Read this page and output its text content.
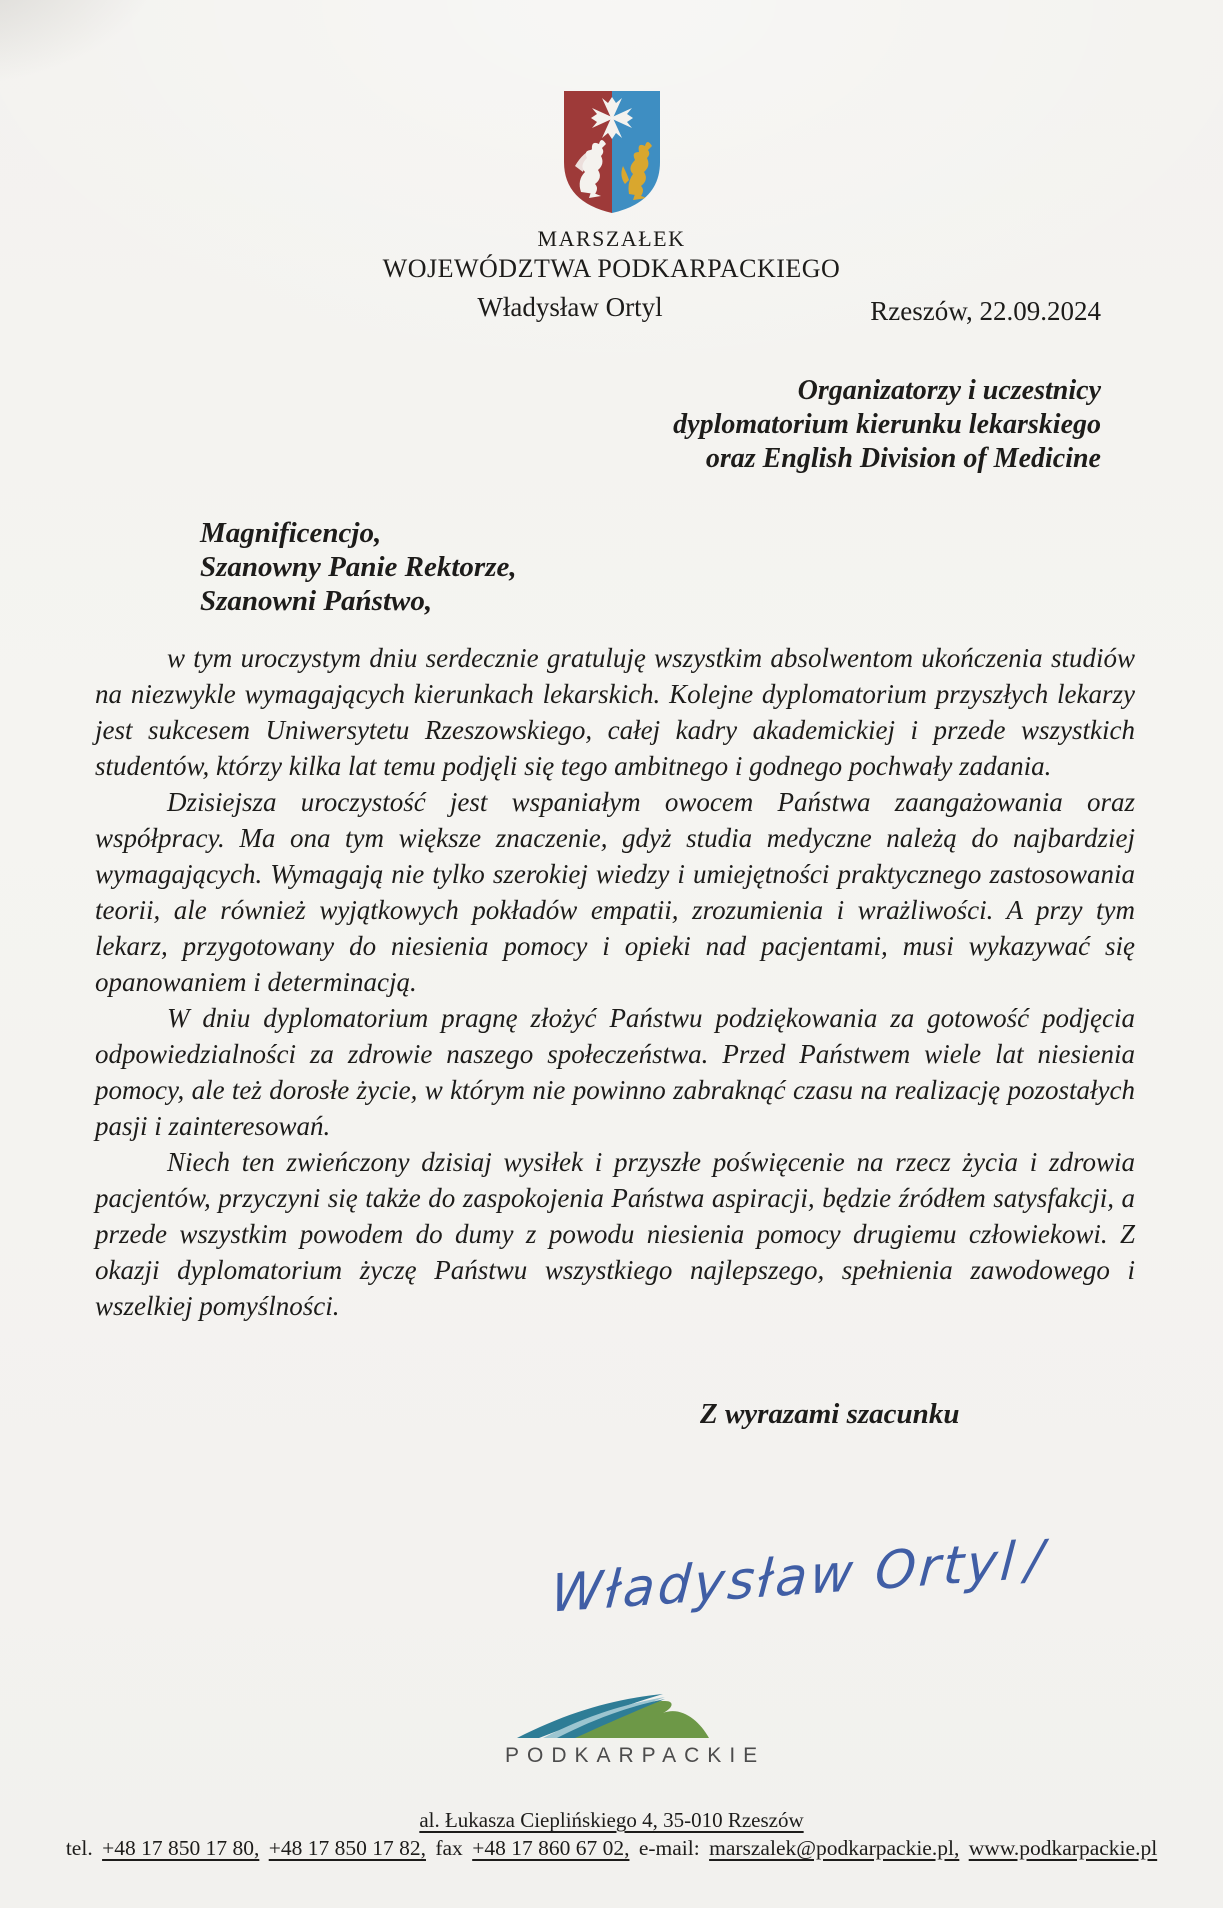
MARSZAŁEK
WOJEWÓDZTWA PODKARPACKIEGO
Władysław Ortyl	Rzeszów, 22.09.2024
Organizatorzy i uczestnicy
dyplomatorium kierunku lekarskiego
oraz English Division of Medicine
Magnificencjo,
Szanowny Panie Rektorze,
Szanowni Państwo,

w tym uroczystym dniu serdecznie gratuluję wszystkim absolwentom ukończenia studiów na niezwykle wymagających kierunkach lekarskich. Kolejne dyplomatorium przyszłych lekarzy jest sukcesem Uniwersytetu Rzeszowskiego, całej kadry akademickiej i przede wszystkich studentów, którzy kilka lat temu podjęli się tego ambitnego i godnego pochwały zadania.

Dzisiejsza uroczystość jest wspaniałym owocem Państwa zaangażowania oraz współpracy. Ma ona tym większe znaczenie, gdyż studia medyczne należą do najbardziej wymagających. Wymagają nie tylko szerokiej wiedzy i umiejętności praktycznego zastosowania teorii, ale również wyjątkowych pokładów empatii, zrozumienia i wrażliwości. A przy tym lekarz, przygotowany do niesienia pomocy i opieki nad pacjentami, musi wykazywać się opanowaniem i determinacją.

W dniu dyplomatorium pragnę złożyć Państwu podziękowania za gotowość podjęcia odpowiedzialności za zdrowie naszego społeczeństwa. Przed Państwem wiele lat niesienia pomocy, ale też dorosłe życie, w którym nie powinno zabraknąć czasu na realizację pozostałych pasji i zainteresowań.

Niech ten zwieńczony dzisiaj wysiłek i przyszłe poświęcenie na rzecz życia i zdrowia pacjentów, przyczyni się także do zaspokojenia Państwa aspiracji, będzie źródłem satysfakcji, a przede wszystkim powodem do dumy z powodu niesienia pomocy drugiemu człowiekowi. Z okazji dyplomatorium życzę Państwu wszystkiego najlepszego, spełnienia zawodowego i wszelkiej pomyślności.

Z wyrazami szacunku
Władysław Ortyl /
PODKARPACKIE
al. Łukasza Cieplińskiego 4, 35-010 Rzeszów
tel. +48 17 850 17 80, +48 17 850 17 82, fax +48 17 860 67 02, e-mail: marszalek@podkarpackie.pl, www.podkarpackie.pl
